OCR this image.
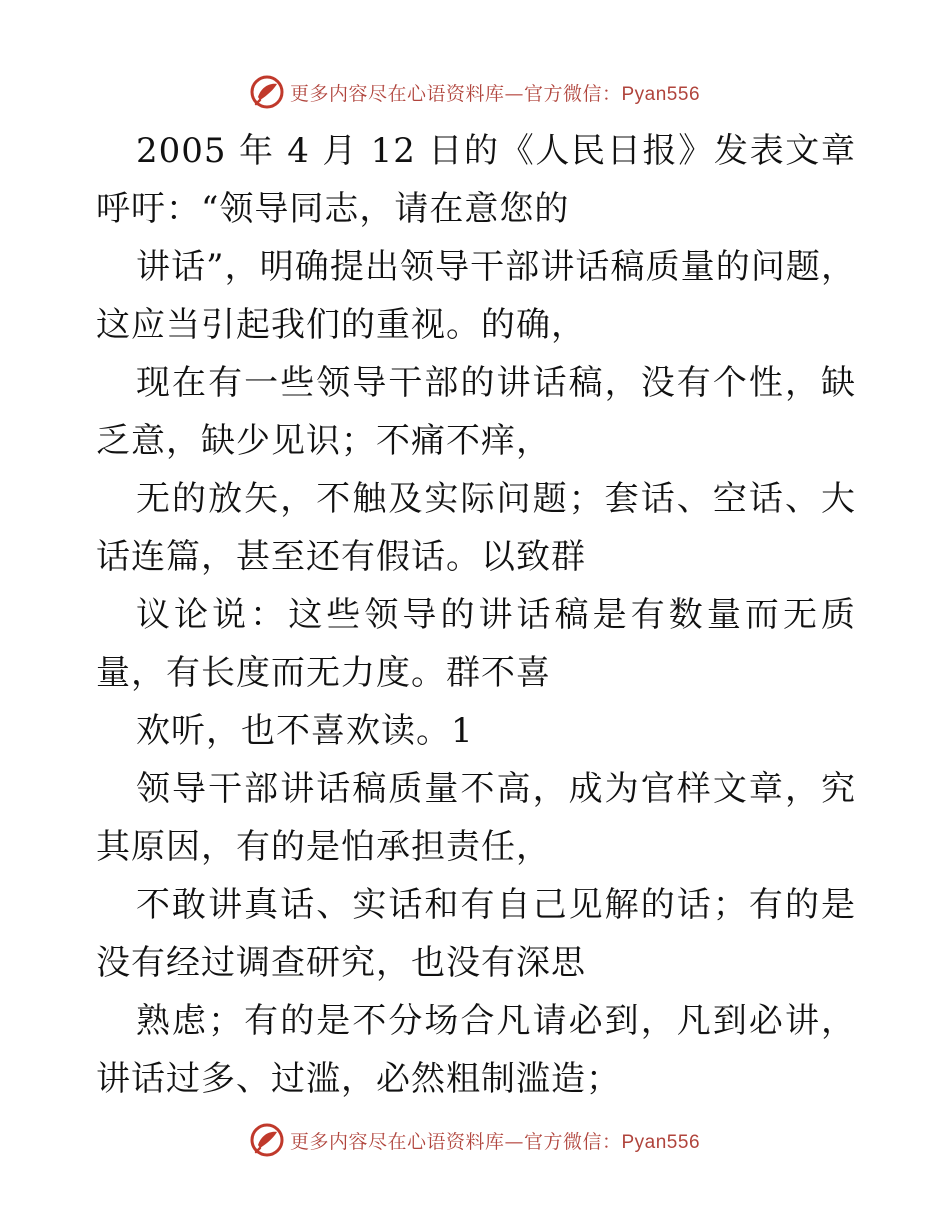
更多内容尽在心语资料库—官方微信：Pyan556

2005 年 4 月 12 日的《人民日报》发表文章呼吁：“领导同志，请在意您的

讲话”，明确提出领导干部讲话稿质量的问题，这应当引起我们的重视。的确，

现在有一些领导干部的讲话稿，没有个性，缺乏意，缺少见识；不痛不痒，

无的放矢，不触及实际问题；套话、空话、大话连篇，甚至还有假话。以致群

议论说：这些领导的讲话稿是有数量而无质量，有长度而无力度。群不喜

欢听，也不喜欢读。1

领导干部讲话稿质量不高，成为官样文章，究其原因，有的是怕承担责任，

不敢讲真话、实话和有自己见解的话；有的是没有经过调查研究，也没有深思

熟虑；有的是不分场合凡请必到，凡到必讲，讲话过多、过滥，必然粗制滥造；

更多内容尽在心语资料库—官方微信：Pyan556
